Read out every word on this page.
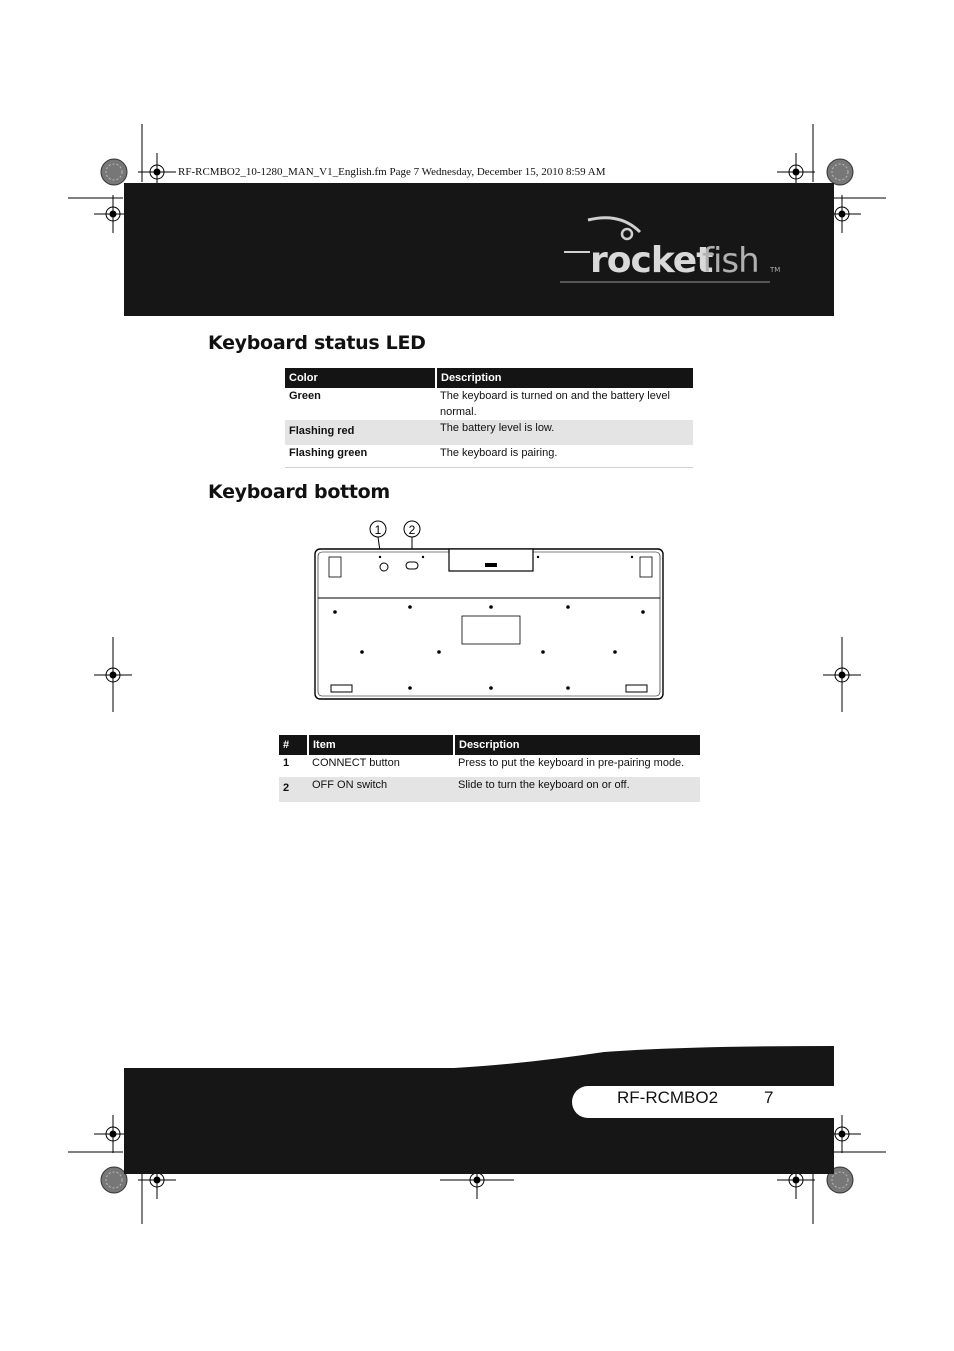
RF-RCMBO2_10-1280_MAN_V1_English.fm Page 7 Wednesday, December 15, 2010 8:59 AM
rocket
fish TM
Keyboard status LED
Color	Description
Green	The keyboard is turned on and the battery level normal.
Flashing red	The battery level is low.
Flashing green	The keyboard is pairing.
Keyboard bottom
1 2
#	Item	Description
1	CONNECT button	Press to put the keyboard in pre-pairing mode.
2	OFF ON switch	Slide to turn the keyboard on or off.
RF-RCMBO2	7
